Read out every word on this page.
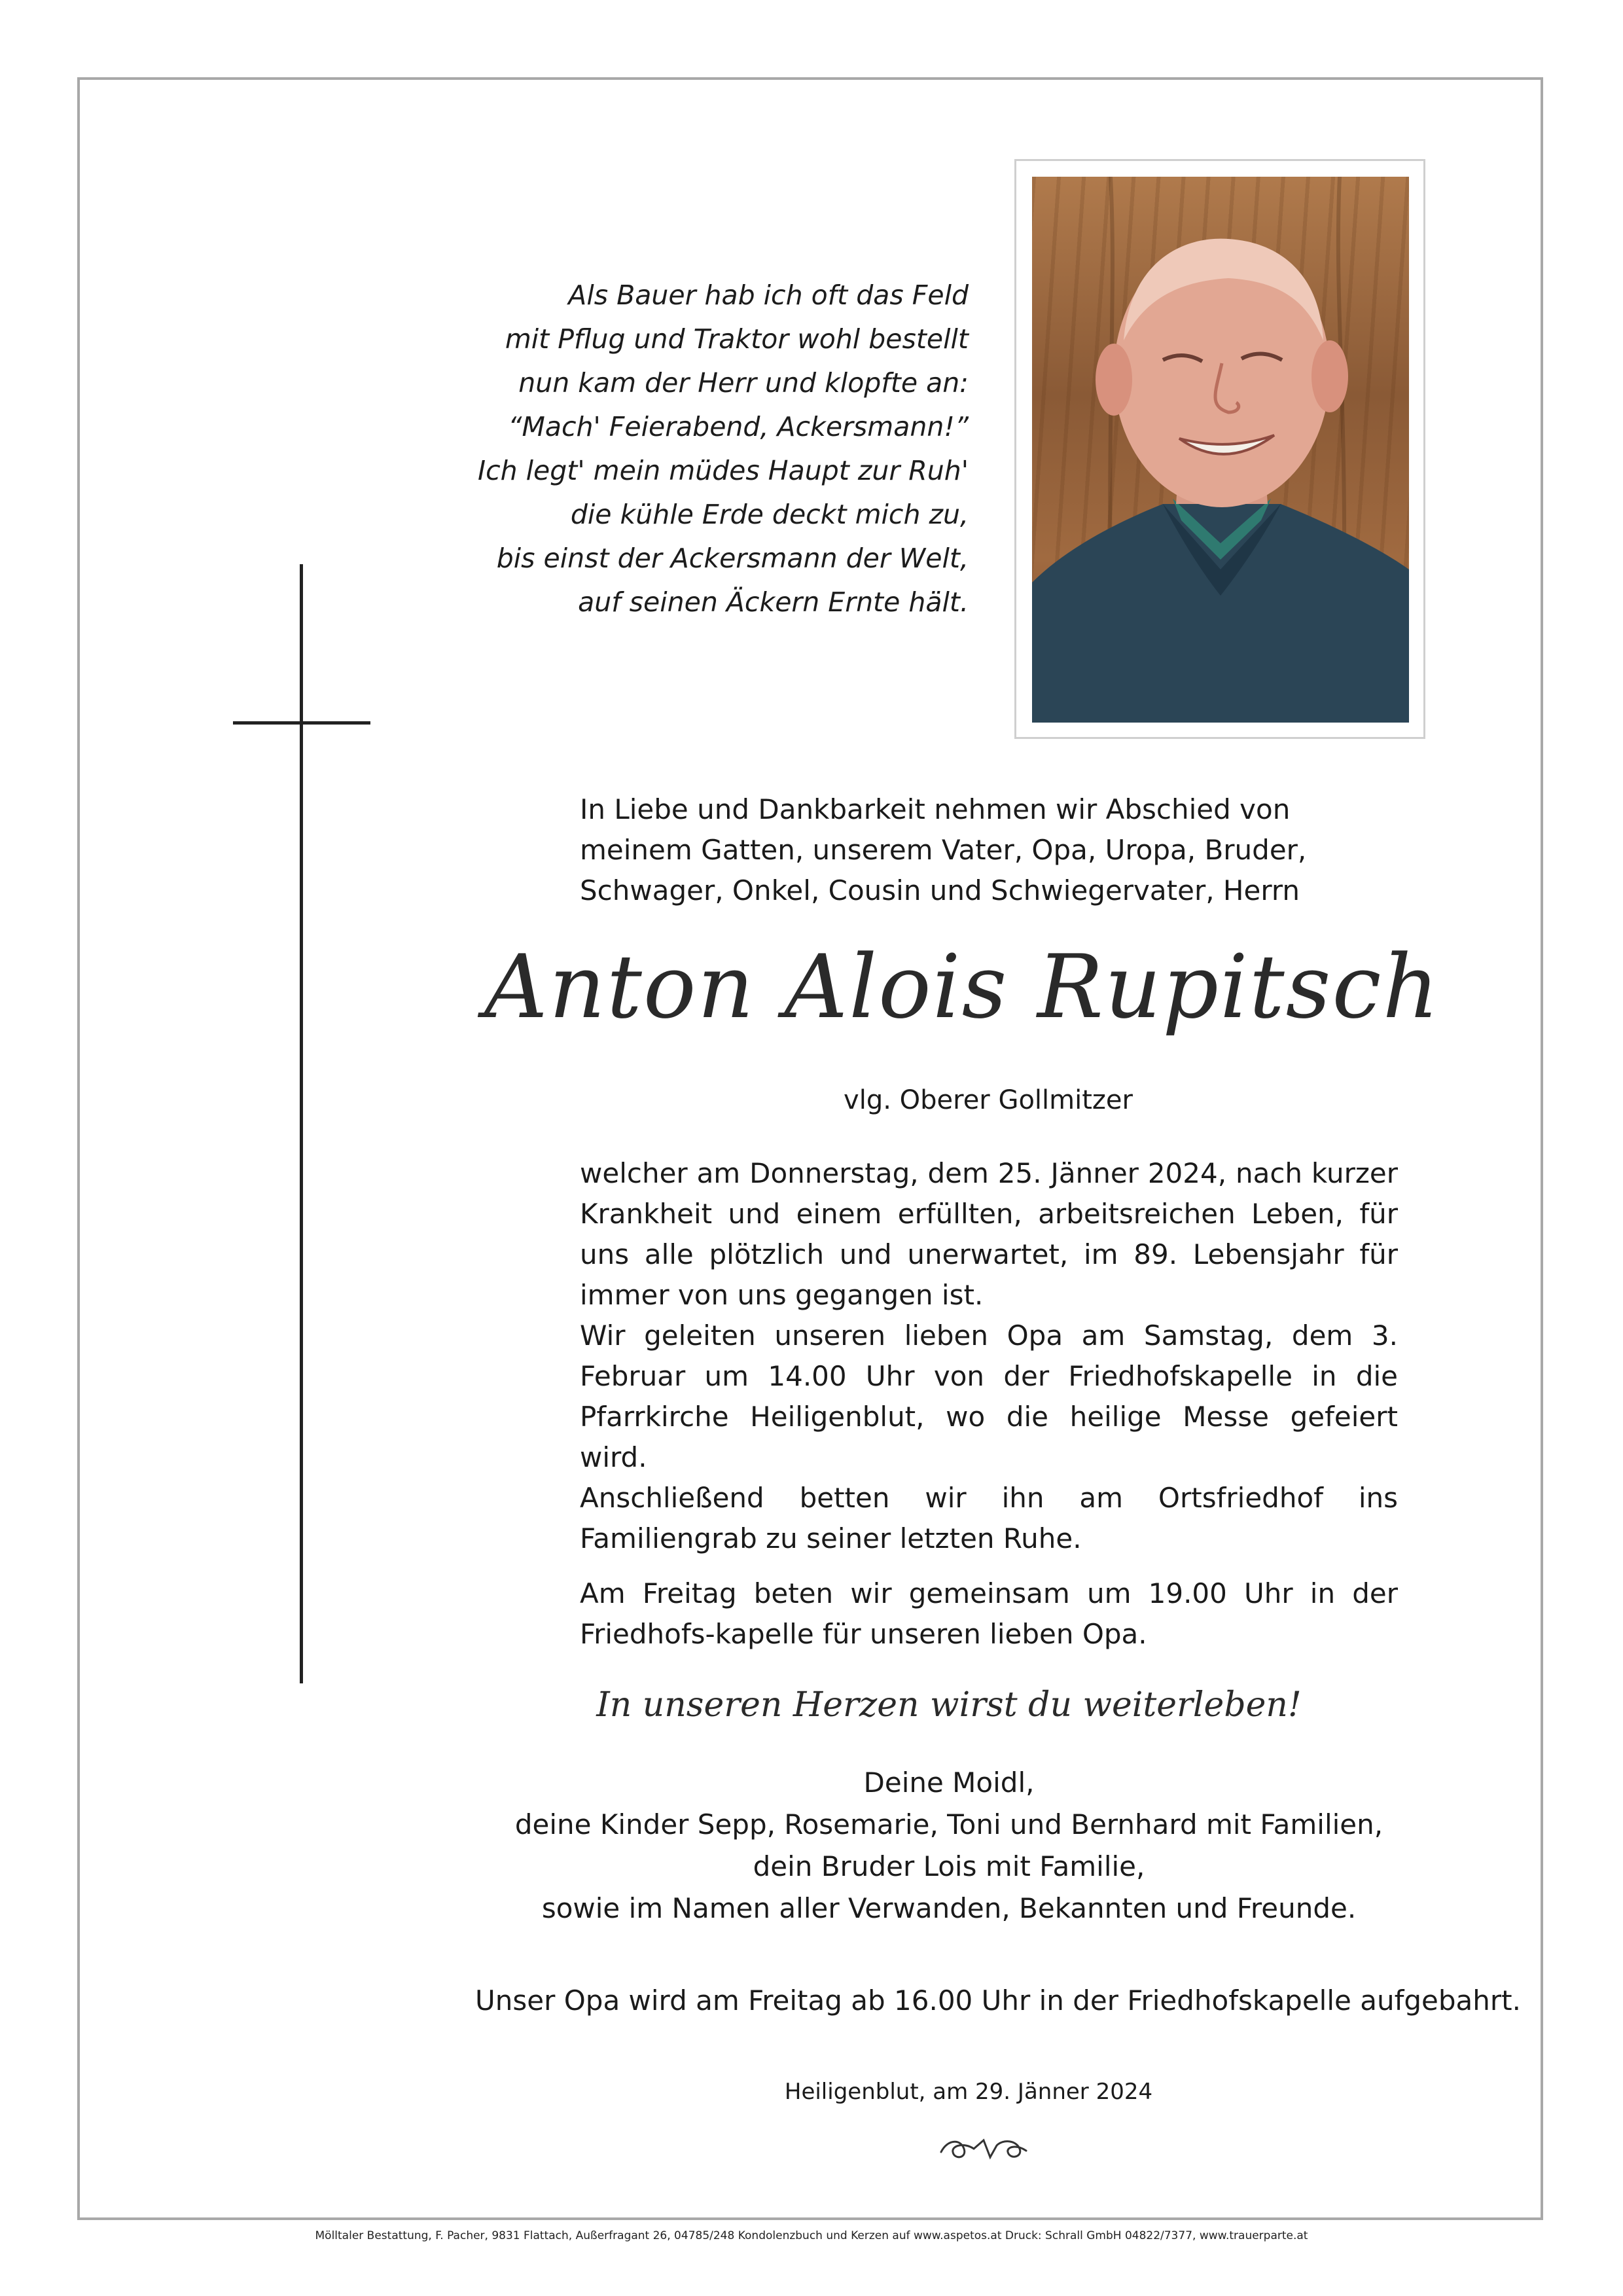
Als Bauer hab ich oft das Feld
mit Pflug und Traktor wohl bestellt
nun kam der Herr und klopfte an:
“Mach' Feierabend, Ackersmann!”
Ich legt' mein müdes Haupt zur Ruh'
die kühle Erde deckt mich zu,
bis einst der Ackersmann der Welt,
auf seinen Äckern Ernte hält.
In Liebe und Dankbarkeit nehmen wir Abschied von meinem Gatten, unserem Vater, Opa, Uropa, Bruder, Schwager, Onkel, Cousin und Schwiegervater, Herrn
Anton Alois Rupitsch
vlg. Oberer Gollmitzer

welcher am Donnerstag, dem 25. Jänner 2024, nach kurzer Krankheit und einem erfüllten, arbeitsreichen Leben, für uns alle plötzlich und unerwartet, im 89. Lebensjahr für immer von uns gegangen ist.

Wir geleiten unseren lieben Opa am Samstag, dem 3. Februar um 14.00 Uhr von der Friedhofskapelle in die Pfarrkirche Heiligenblut, wo die heilige Messe gefeiert wird.

Anschließend betten wir ihn am Ortsfriedhof ins Familiengrab zu seiner letzten Ruhe.

Am Freitag beten wir gemeinsam um 19.00 Uhr in der Friedhofs-kapelle für unseren lieben Opa.

In unseren Herzen wirst du weiterleben!
Deine Moidl,
deine Kinder Sepp, Rosemarie, Toni und Bernhard mit Familien,
dein Bruder Lois mit Familie,
sowie im Namen aller Verwanden, Bekannten und Freunde.
Unser Opa wird am Freitag ab 16.00 Uhr in der Friedhofskapelle aufgebahrt.
Heiligenblut, am 29. Jänner 2024
Mölltaler Bestattung, F. Pacher, 9831 Flattach, Außerfragant 26, 04785/248 Kondolenzbuch und Kerzen auf www.aspetos.at Druck: Schrall GmbH 04822/7377, www.trauerparte.at
